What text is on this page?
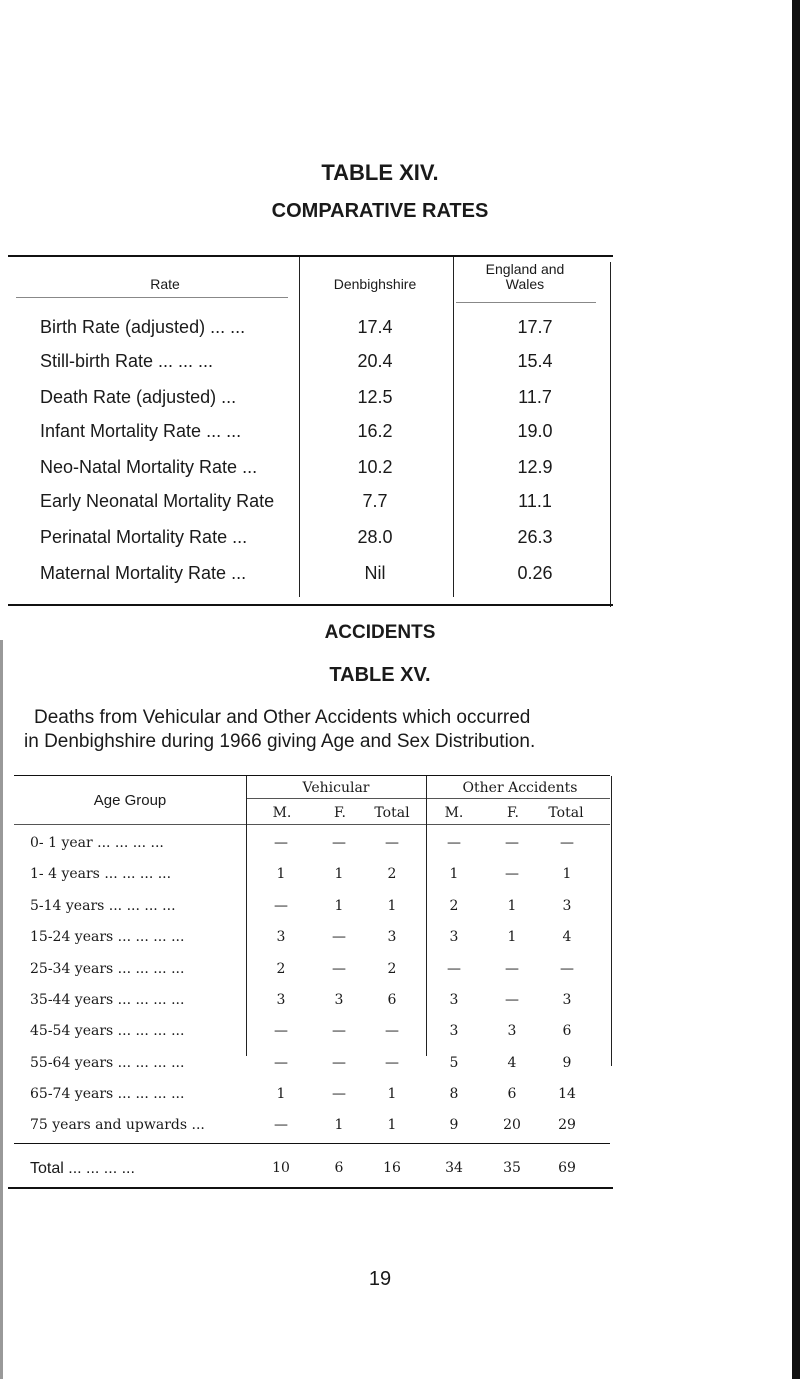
TABLE XIV.
COMPARATIVE RATES
Rate	Denbighshire
England and Wales
Birth Rate (adjusted) ... ...	17.4	17.7
Still-birth Rate ... ... ...	20.4	15.4
Death Rate (adjusted) ...	12.5	11.7
Infant Mortality Rate ... ...	16.2	19.0
Neo-Natal Mortality Rate ...	10.2	12.9
Early Neonatal Mortality Rate	7.7	11.1
Perinatal Mortality Rate ...	28.0	26.3
Maternal Mortality Rate ...	Nil	0.26
ACCIDENTS
TABLE XV.
Deaths from Vehicular and Other Accidents which occurred
in Denbighshire during 1966 giving Age and Sex Distribution.
Age Group
Vehicular	Other Accidents
M.	F.	Total	M.	F.	Total
0- 1 year ... ... ... ...	—	—	—	—	—	—
1- 4 years ... ... ... ...	1	1	2	1	—	1
5-14 years ... ... ... ...	—	1	1	2	1	3
15-24 years ... ... ... ...	3	—	3	3	1	4
25-34 years ... ... ... ...	2	—	2	—	—	—
35-44 years ... ... ... ...	3	3	6	3	—	3
45-54 years ... ... ... ...	—	—	—	3	3	6
55-64 years ... ... ... ...	—	—	—	5	4	9
65-74 years ... ... ... ...	1	—	1	8	6	14
75 years and upwards ...	—	1	1	9	20	29
Total ... ... ... ...	10	6	16	34	35	69
19
